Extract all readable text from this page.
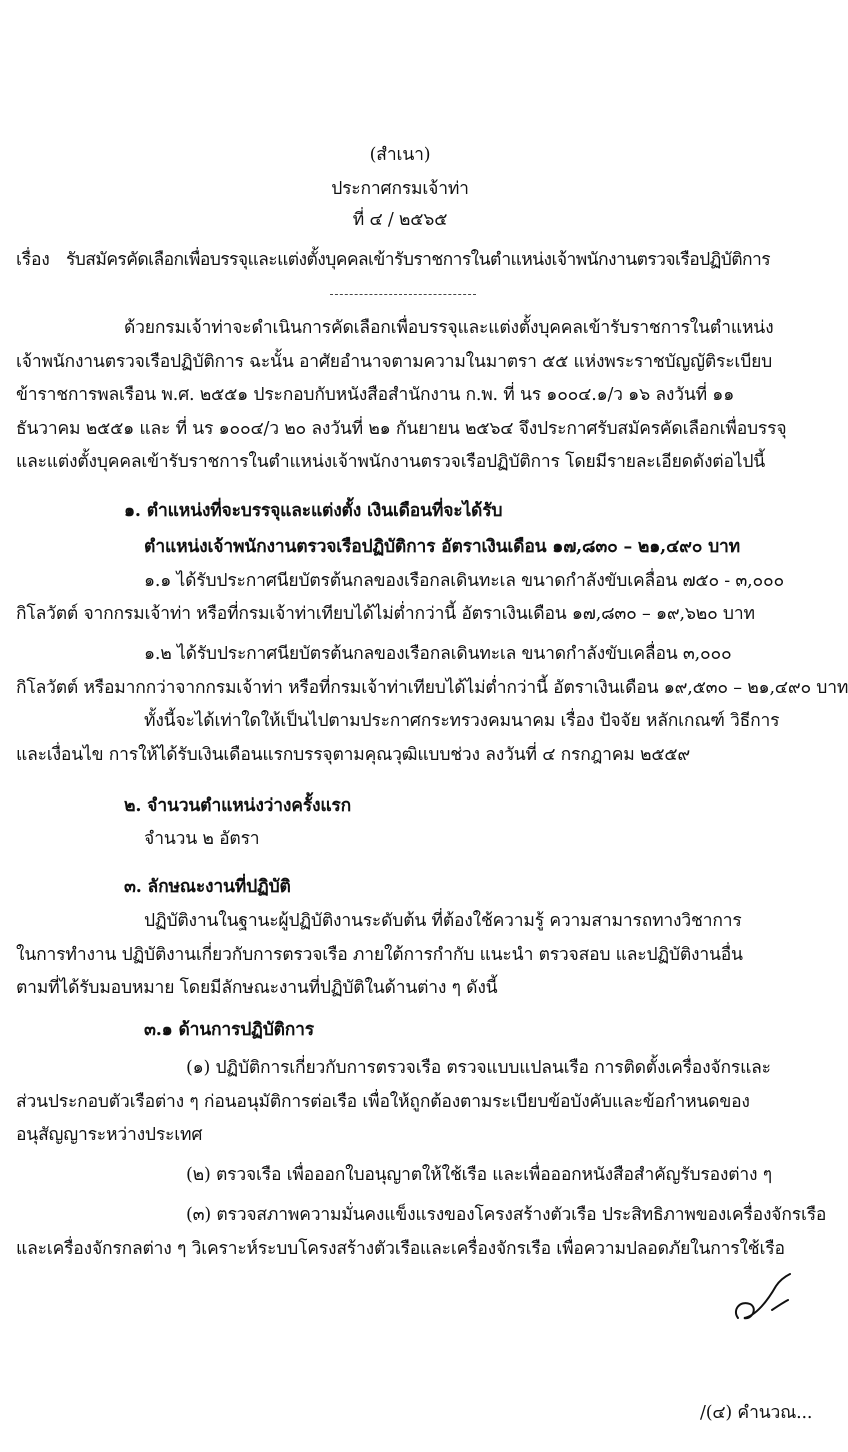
(สำเนา)
ประกาศกรมเจ้าท่า
ที่ ๔ / ๒๕๖๕
เรื่อง รับสมัครคัดเลือกเพื่อบรรจุและแต่งตั้งบุคคลเข้ารับราชการในตำแหน่งเจ้าพนักงานตรวจเรือปฏิบัติการ
ด้วยกรมเจ้าท่าจะดำเนินการคัดเลือกเพื่อบรรจุและแต่งตั้งบุคคลเข้ารับราชการในตำแหน่ง
เจ้าพนักงานตรวจเรือปฏิบัติการ ฉะนั้น อาศัยอำนาจตามความในมาตรา ๕๕ แห่งพระราชบัญญัติระเบียบ
ข้าราชการพลเรือน พ.ศ. ๒๕๕๑ ประกอบกับหนังสือสำนักงาน ก.พ. ที่ นร ๑๐๐๔.๑/ว ๑๖ ลงวันที่ ๑๑
ธันวาคม ๒๕๕๑ และ ที่ นร ๑๐๐๔/ว ๒๐ ลงวันที่ ๒๑ กันยายน ๒๕๖๔ จึงประกาศรับสมัครคัดเลือกเพื่อบรรจุ
และแต่งตั้งบุคคลเข้ารับราชการในตำแหน่งเจ้าพนักงานตรวจเรือปฏิบัติการ โดยมีรายละเอียดดังต่อไปนี้
๑. ตำแหน่งที่จะบรรจุและแต่งตั้ง เงินเดือนที่จะได้รับ
ตำแหน่งเจ้าพนักงานตรวจเรือปฏิบัติการ อัตราเงินเดือน ๑๗,๘๓๐ – ๒๑,๔๙๐ บาท
๑.๑ ได้รับประกาศนียบัตรต้นกลของเรือกลเดินทะเล ขนาดกำลังขับเคลื่อน ๗๕๐ - ๓,๐๐๐
กิโลวัตต์ จากกรมเจ้าท่า หรือที่กรมเจ้าท่าเทียบได้ไม่ต่ำกว่านี้ อัตราเงินเดือน ๑๗,๘๓๐ – ๑๙,๖๒๐ บาท
๑.๒ ได้รับประกาศนียบัตรต้นกลของเรือกลเดินทะเล ขนาดกำลังขับเคลื่อน ๓,๐๐๐
กิโลวัตต์ หรือมากกว่าจากกรมเจ้าท่า หรือที่กรมเจ้าท่าเทียบได้ไม่ต่ำกว่านี้ อัตราเงินเดือน ๑๙,๕๓๐ – ๒๑,๔๙๐ บาท
ทั้งนี้จะได้เท่าใดให้เป็นไปตามประกาศกระทรวงคมนาคม เรื่อง ปัจจัย หลักเกณฑ์ วิธีการ
และเงื่อนไข การให้ได้รับเงินเดือนแรกบรรจุตามคุณวุฒิแบบช่วง ลงวันที่ ๔ กรกฎาคม ๒๕๕๙
๒. จำนวนตำแหน่งว่างครั้งแรก
จำนวน ๒ อัตรา
๓. ลักษณะงานที่ปฏิบัติ
ปฏิบัติงานในฐานะผู้ปฏิบัติงานระดับต้น ที่ต้องใช้ความรู้ ความสามารถทางวิชาการ
ในการทำงาน ปฏิบัติงานเกี่ยวกับการตรวจเรือ ภายใต้การกำกับ แนะนำ ตรวจสอบ และปฏิบัติงานอื่น
ตามที่ได้รับมอบหมาย โดยมีลักษณะงานที่ปฏิบัติในด้านต่าง ๆ ดังนี้
๓.๑ ด้านการปฏิบัติการ
(๑) ปฏิบัติการเกี่ยวกับการตรวจเรือ ตรวจแบบแปลนเรือ การติดตั้งเครื่องจักรและ
ส่วนประกอบตัวเรือต่าง ๆ ก่อนอนุมัติการต่อเรือ เพื่อให้ถูกต้องตามระเบียบข้อบังคับและข้อกำหนดของ
อนุสัญญาระหว่างประเทศ
(๒) ตรวจเรือ เพื่อออกใบอนุญาตให้ใช้เรือ และเพื่อออกหนังสือสำคัญรับรองต่าง ๆ
(๓) ตรวจสภาพความมั่นคงแข็งแรงของโครงสร้างตัวเรือ ประสิทธิภาพของเครื่องจักรเรือ
และเครื่องจักรกลต่าง ๆ วิเคราะห์ระบบโครงสร้างตัวเรือและเครื่องจักรเรือ เพื่อความปลอดภัยในการใช้เรือ
/(๔) คำนวณ...
